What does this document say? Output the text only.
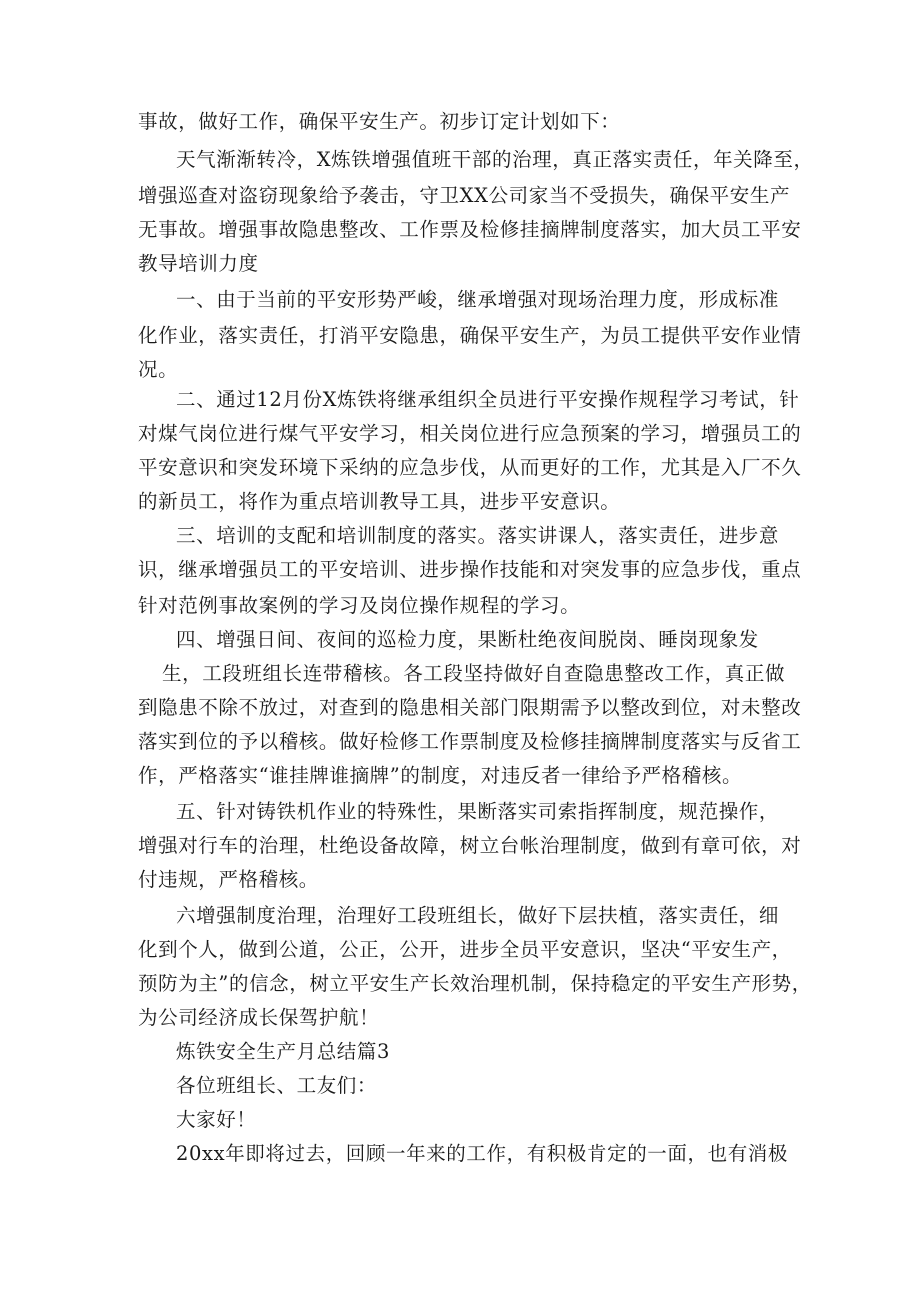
事故，做好工作，确保平安生产。初步订定计划如下：
天气渐渐转冷，X炼铁增强值班干部的治理，真正落实责任，年关降至，
增强巡查对盗窃现象给予袭击，守卫XX公司家当不受损失，确保平安生产
无事故。增强事故隐患整改、工作票及检修挂摘牌制度落实，加大员工平安
教导培训力度
一、由于当前的平安形势严峻，继承增强对现场治理力度，形成标准
化作业，落实责任，打消平安隐患，确保平安生产，为员工提供平安作业情
况。
二、通过12月份X炼铁将继承组织全员进行平安操作规程学习考试，针
对煤气岗位进行煤气平安学习，相关岗位进行应急预案的学习，增强员工的
平安意识和突发环境下采纳的应急步伐，从而更好的工作，尤其是入厂不久
的新员工，将作为重点培训教导工具，进步平安意识。
三、培训的支配和培训制度的落实。落实讲课人，落实责任，进步意
识，继承增强员工的平安培训、进步操作技能和对突发事的应急步伐，重点
针对范例事故案例的学习及岗位操作规程的学习。
四、增强日间、夜间的巡检力度，果断杜绝夜间脱岗、睡岗现象发
生，工段班组长连带稽核。各工段坚持做好自查隐患整改工作，真正做
到隐患不除不放过，对查到的隐患相关部门限期需予以整改到位，对未整改
落实到位的予以稽核。做好检修工作票制度及检修挂摘牌制度落实与反省工
作，严格落实“谁挂牌谁摘牌”的制度，对违反者一律给予严格稽核。
五、针对铸铁机作业的特殊性，果断落实司索指挥制度，规范操作，
增强对行车的治理，杜绝设备故障，树立台帐治理制度，做到有章可依，对
付违规，严格稽核。
六增强制度治理，治理好工段班组长，做好下层扶植，落实责任，细
化到个人，做到公道，公正，公开，进步全员平安意识，坚决“平安生产，
预防为主”的信念，树立平安生产长效治理机制，保持稳定的平安生产形势，
为公司经济成长保驾护航！
炼铁安全生产月总结篇3
各位班组长、工友们：
大家好！
20xx年即将过去，回顾一年来的工作，有积极肯定的一面，也有消极
